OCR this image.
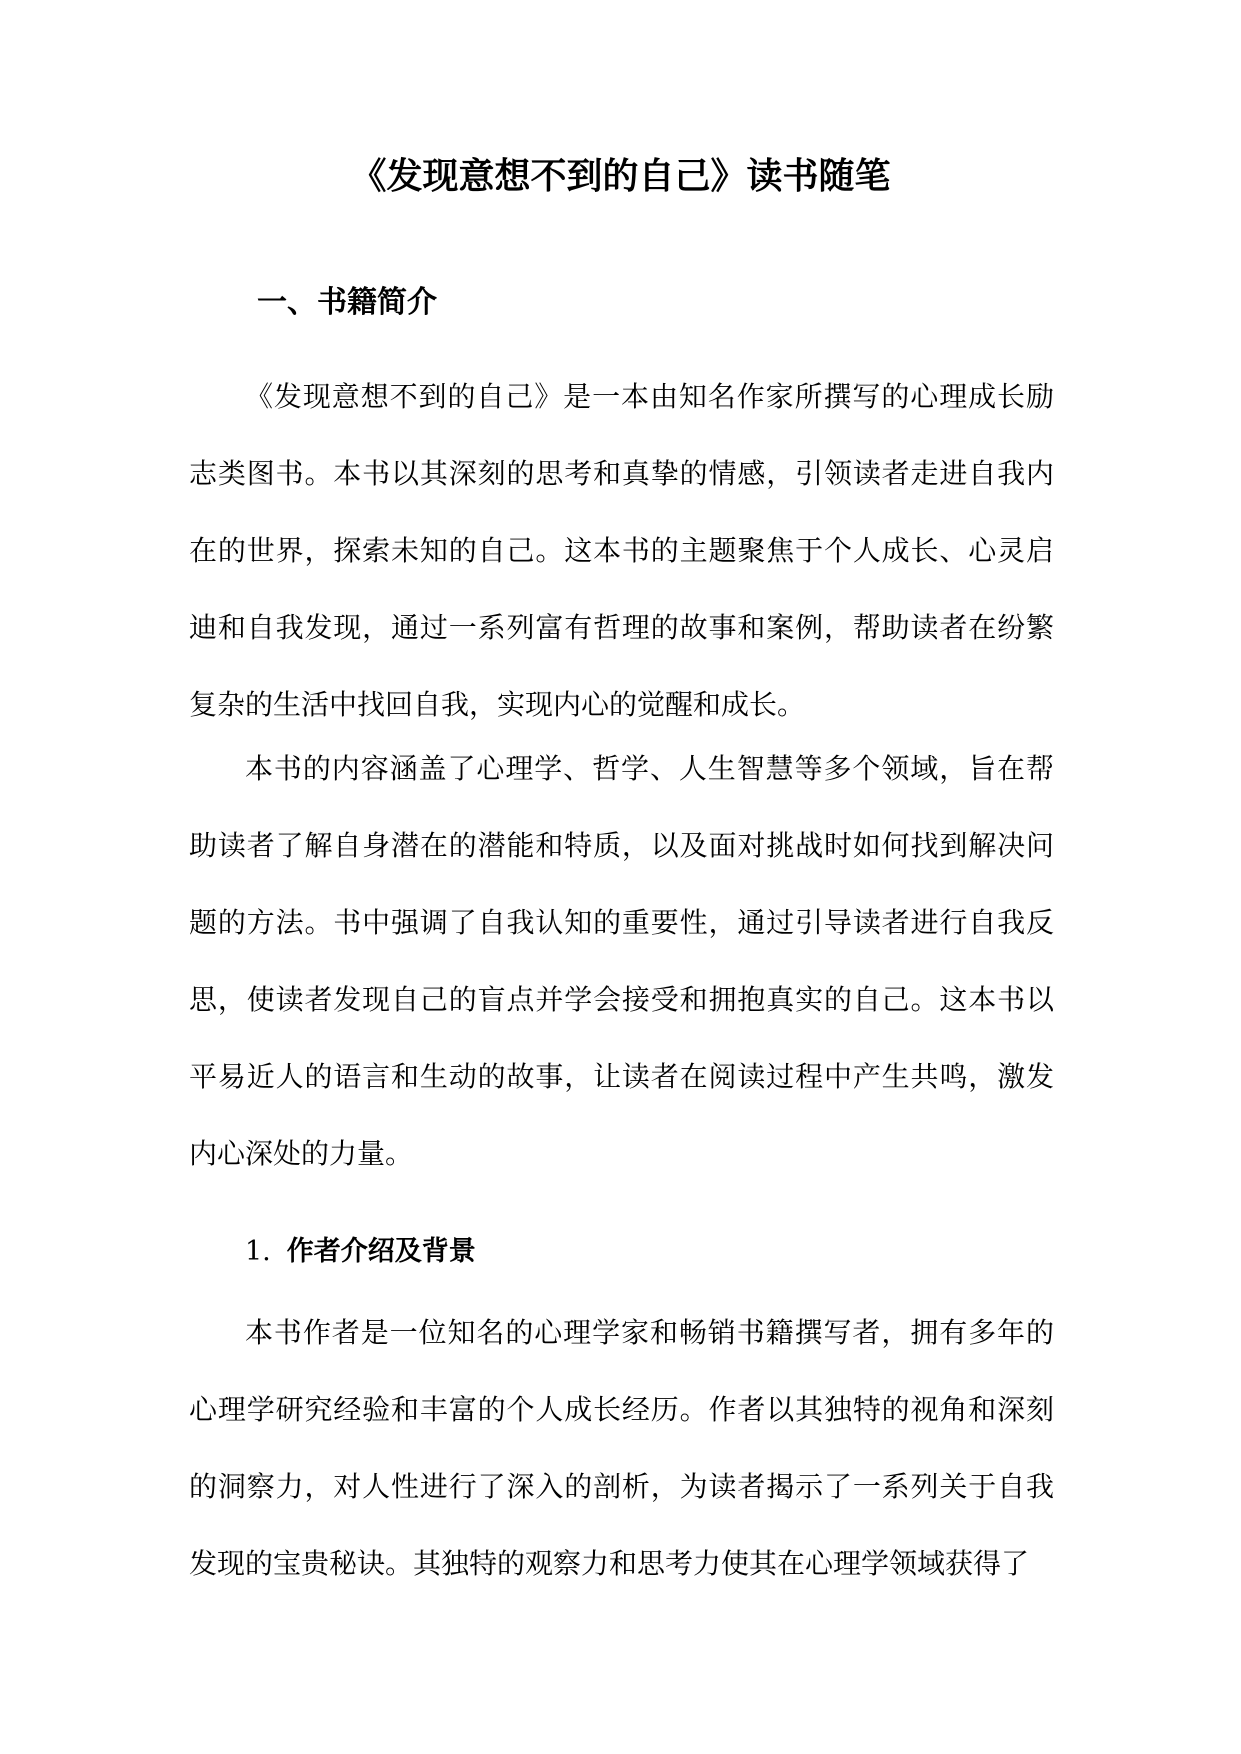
《发现意想不到的自己》读书随笔
一、书籍简介

《发现意想不到的自己》是一本由知名作家所撰写的心理成长励志类图书。本书以其深刻的思考和真挚的情感，引领读者走进自我内在的世界，探索未知的自己。这本书的主题聚焦于个人成长、心灵启迪和自我发现，通过一系列富有哲理的故事和案例，帮助读者在纷繁复杂的生活中找回自我，实现内心的觉醒和成长。

本书的内容涵盖了心理学、哲学、人生智慧等多个领域，旨在帮助读者了解自身潜在的潜能和特质，以及面对挑战时如何找到解决问题的方法。书中强调了自我认知的重要性，通过引导读者进行自我反思，使读者发现自己的盲点并学会接受和拥抱真实的自己。这本书以平易近人的语言和生动的故事，让读者在阅读过程中产生共鸣，激发内心深处的力量。

1. 作者介绍及背景

本书作者是一位知名的心理学家和畅销书籍撰写者，拥有多年的心理学研究经验和丰富的个人成长经历。作者以其独特的视角和深刻的洞察力，对人性进行了深入的剖析，为读者揭示了一系列关于自我发现的宝贵秘诀。其独特的观察力和思考力使其在心理学领域获得了
